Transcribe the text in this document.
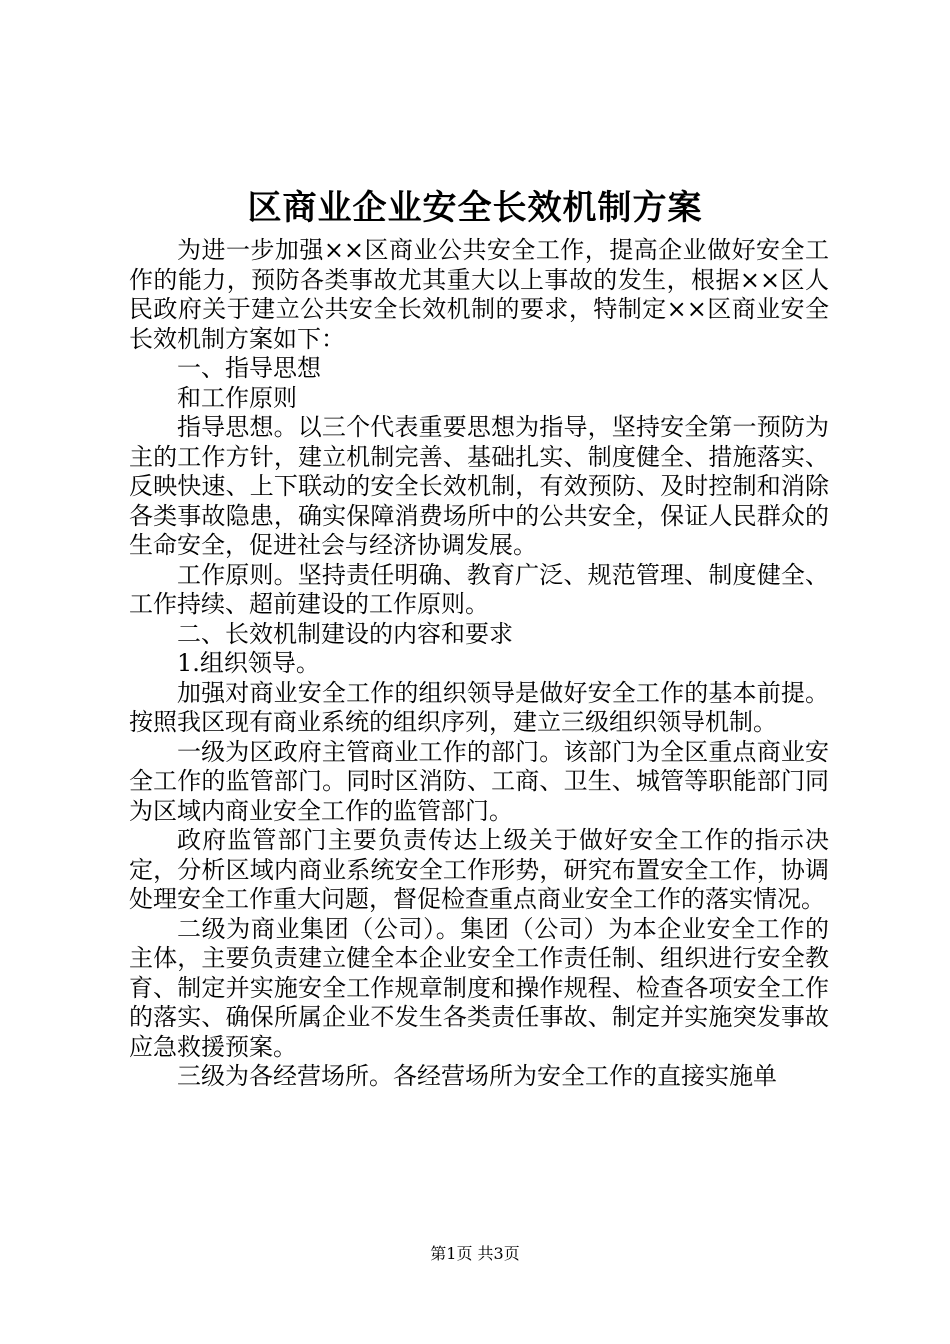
区商业企业安全长效机制方案

为进一步加强××区商业公共安全工作，提高企业做好安全工作的能力，预防各类事故尤其重大以上事故的发生，根据××区人民政府关于建立公共安全长效机制的要求，特制定××区商业安全长效机制方案如下：

一、指导思想

和工作原则

指导思想。以三个代表重要思想为指导，坚持安全第一预防为主的工作方针，建立机制完善、基础扎实、制度健全、措施落实、反映快速、上下联动的安全长效机制，有效预防、及时控制和消除各类事故隐患，确实保障消费场所中的公共安全，保证人民群众的生命安全，促进社会与经济协调发展。

工作原则。坚持责任明确、教育广泛、规范管理、制度健全、工作持续、超前建设的工作原则。

二、长效机制建设的内容和要求

1.组织领导。

加强对商业安全工作的组织领导是做好安全工作的基本前提。按照我区现有商业系统的组织序列，建立三级组织领导机制。

一级为区政府主管商业工作的部门。该部门为全区重点商业安全工作的监管部门。同时区消防、工商、卫生、城管等职能部门同为区域内商业安全工作的监管部门。

政府监管部门主要负责传达上级关于做好安全工作的指示决定，分析区域内商业系统安全工作形势，研究布置安全工作，协调处理安全工作重大问题，督促检查重点商业安全工作的落实情况。

二级为商业集团（公司）。集团（公司）为本企业安全工作的主体，主要负责建立健全本企业安全工作责任制、组织进行安全教育、制定并实施安全工作规章制度和操作规程、检查各项安全工作的落实、确保所属企业不发生各类责任事故、制定并实施突发事故应急救援预案。

三级为各经营场所。各经营场所为安全工作的直接实施单

第1页 共3页
